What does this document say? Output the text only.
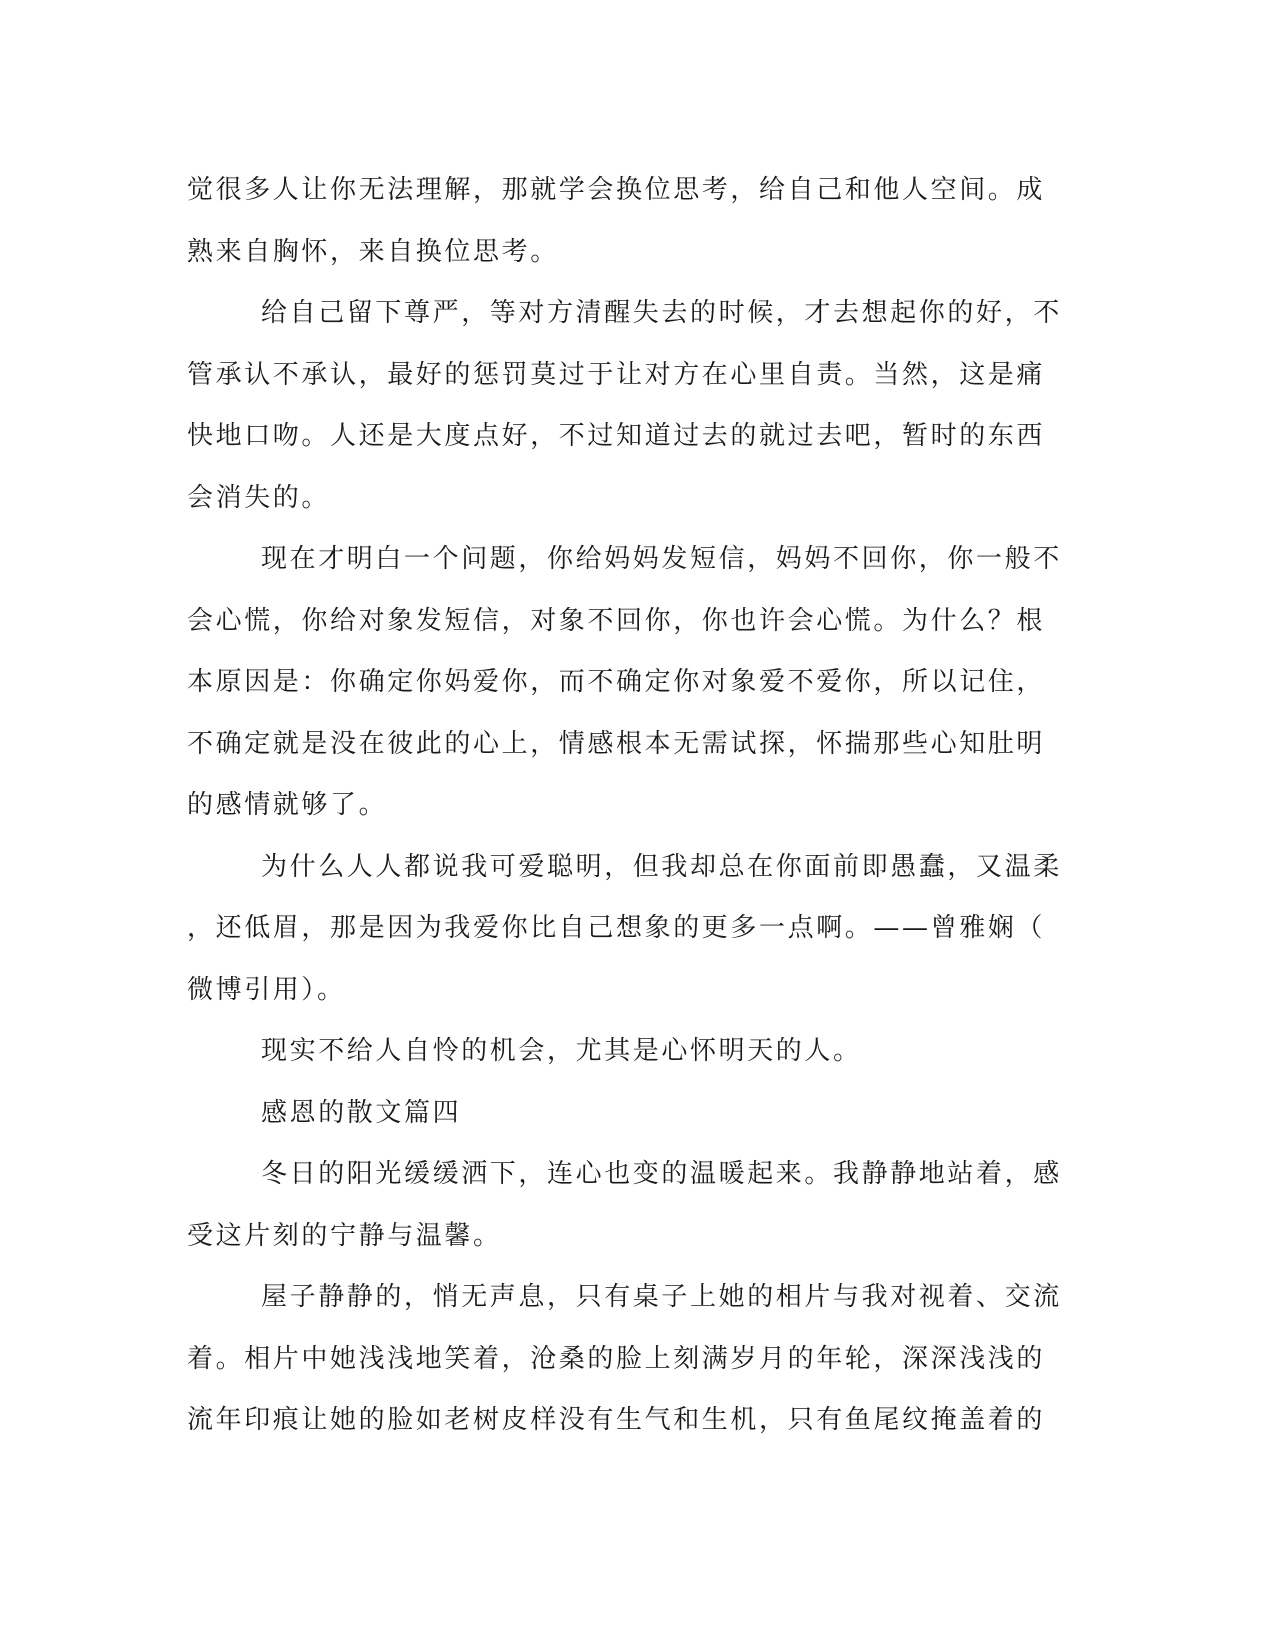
觉很多人让你无法理解，那就学会换位思考，给自己和他人空间。成
熟来自胸怀，来自换位思考。
给自己留下尊严，等对方清醒失去的时候，才去想起你的好，不
管承认不承认，最好的惩罚莫过于让对方在心里自责。当然，这是痛
快地口吻。人还是大度点好，不过知道过去的就过去吧，暂时的东西
会消失的。
现在才明白一个问题，你给妈妈发短信，妈妈不回你，你一般不
会心慌，你给对象发短信，对象不回你，你也许会心慌。为什么？根
本原因是：你确定你妈爱你，而不确定你对象爱不爱你，所以记住，
不确定就是没在彼此的心上，情感根本无需试探，怀揣那些心知肚明
的感情就够了。
为什么人人都说我可爱聪明，但我却总在你面前即愚蠢，又温柔
，还低眉，那是因为我爱你比自己想象的更多一点啊。——曾雅娴（
微博引用）。
现实不给人自怜的机会，尤其是心怀明天的人。
感恩的散文篇四
冬日的阳光缓缓洒下，连心也变的温暖起来。我静静地站着，感
受这片刻的宁静与温馨。
屋子静静的，悄无声息，只有桌子上她的相片与我对视着、交流
着。相片中她浅浅地笑着，沧桑的脸上刻满岁月的年轮，深深浅浅的
流年印痕让她的脸如老树皮样没有生气和生机，只有鱼尾纹掩盖着的
